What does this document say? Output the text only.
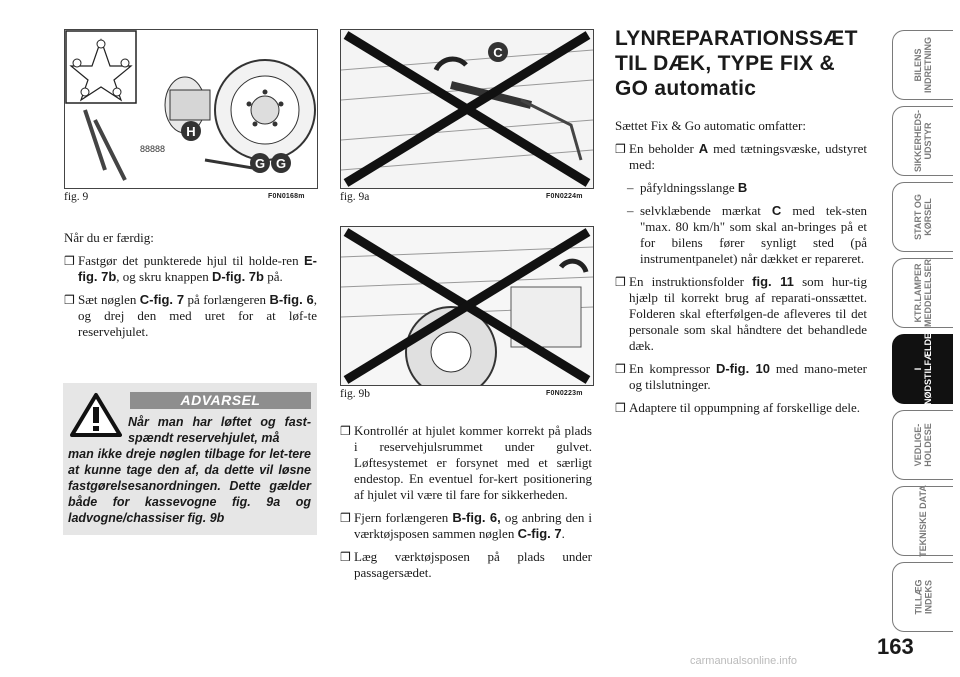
88888
H
G G
fig. 9	F0N0168m
C
fig. 9a	F0N0224m
fig. 9b	F0N0223m

Når du er færdig:

❒ Fastgør det punkterede hjul til holde-ren E-fig. 7b, og skru knappen D-fig. 7b på.
❒ Sæt nøglen C-fig. 7 på forlængeren B-fig. 6, og drej den med uret for at løf-te reservehjulet.
ADVARSEL
Når man har løftet og fast-spændt reservehjulet, må
man ikke dreje nøglen tilbage for let-tere at kunne tage den af, da dette vil løsne fastgørelsesanordningen. Dette gælder både for kassevogne fig. 9a og ladvogne/chassiser fig. 9b
❒ Kontrollér at hjulet kommer korrekt på plads i reservehjulsrummet under gulvet. Løftesystemet er forsynet med et særligt endestop. En eventuel for-kert positionering af hjulet vil være til fare for sikkerheden.
❒ Fjern forlængeren B-fig. 6, og anbring den i værktøjsposen sammen nøglen C-fig. 7.
❒ Læg værktøjsposen på plads under passagersædet.
LYNREPARATIONSSÆT
TIL DÆK, TYPE FIX &
GO automatic

Sættet Fix & Go automatic omfatter:

❒ En beholder A med tætningsvæske, udstyret med:
– påfyldningsslange B
– selvklæbende mærkat C med tek-sten "max. 80 km/h" som skal an-bringes på et for bilens fører synligt sted (på instrumentpanelet) når dækket er repareret.
❒ En instruktionsfolder fig. 11 som hur-tig hjælp til korrekt brug af reparati-onssættet. Folderen skal efterfølgen-de afleveres til det personale som skal håndtere det behandlede dæk.
❒ En kompressor D-fig. 10 med mano-meter og tilslutninger.
❒ Adaptere til oppumpning af forskellige dele.
BILENS
INDRETNING
SIKKERHEDS-
UDSTYR
START OG
KØRSEL
KTR.LAMPER
MEDDELELSER
I
NØDSTILFÆLDE
VEDLIGE-
HOLDESE
TEKNISKE DATA
TILLÆG
INDEKS
163
carmanualsonline.info
